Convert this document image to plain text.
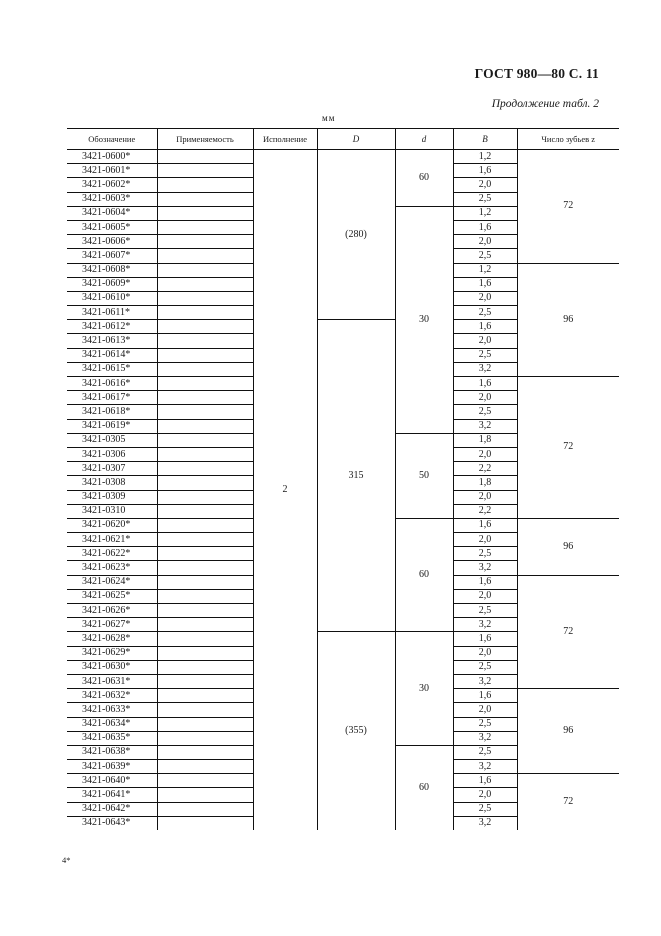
ГОСТ 980—80 С. 11
Продолжение табл. 2
мм
Обозначение	Применяемость	Исполнение	D	d	B	Число зубьев z
3421-0600*		2	(280)	60	1,2	72
3421-0601*					1,6	
3421-0602*					2,0	
3421-0603*					2,5	
3421-0604*				30	1,2	
3421-0605*					1,6	
3421-0606*					2,0	
3421-0607*					2,5	
3421-0608*					1,2	96
3421-0609*					1,6	
3421-0610*					2,0	
3421-0611*					2,5	
3421-0612*			315		1,6	
3421-0613*					2,0	
3421-0614*					2,5	
3421-0615*					3,2	
3421-0616*					1,6	72
3421-0617*					2,0	
3421-0618*					2,5	
3421-0619*					3,2	
3421-0305				50	1,8	
3421-0306					2,0	
3421-0307					2,2	
3421-0308					1,8	
3421-0309					2,0	
3421-0310					2,2	
3421-0620*				60	1,6	96
3421-0621*					2,0	
3421-0622*					2,5	
3421-0623*					3,2	
3421-0624*					1,6	72
3421-0625*					2,0	
3421-0626*					2,5	
3421-0627*					3,2	
3421-0628*			(355)	30	1,6	
3421-0629*					2,0	
3421-0630*					2,5	
3421-0631*					3,2	
3421-0632*					1,6	96
3421-0633*					2,0	
3421-0634*					2,5	
3421-0635*					3,2	
3421-0638*				60	2,5	
3421-0639*					3,2	
3421-0640*					1,6	72
3421-0641*					2,0	
3421-0642*					2,5	
3421-0643*					3,2	
4*
